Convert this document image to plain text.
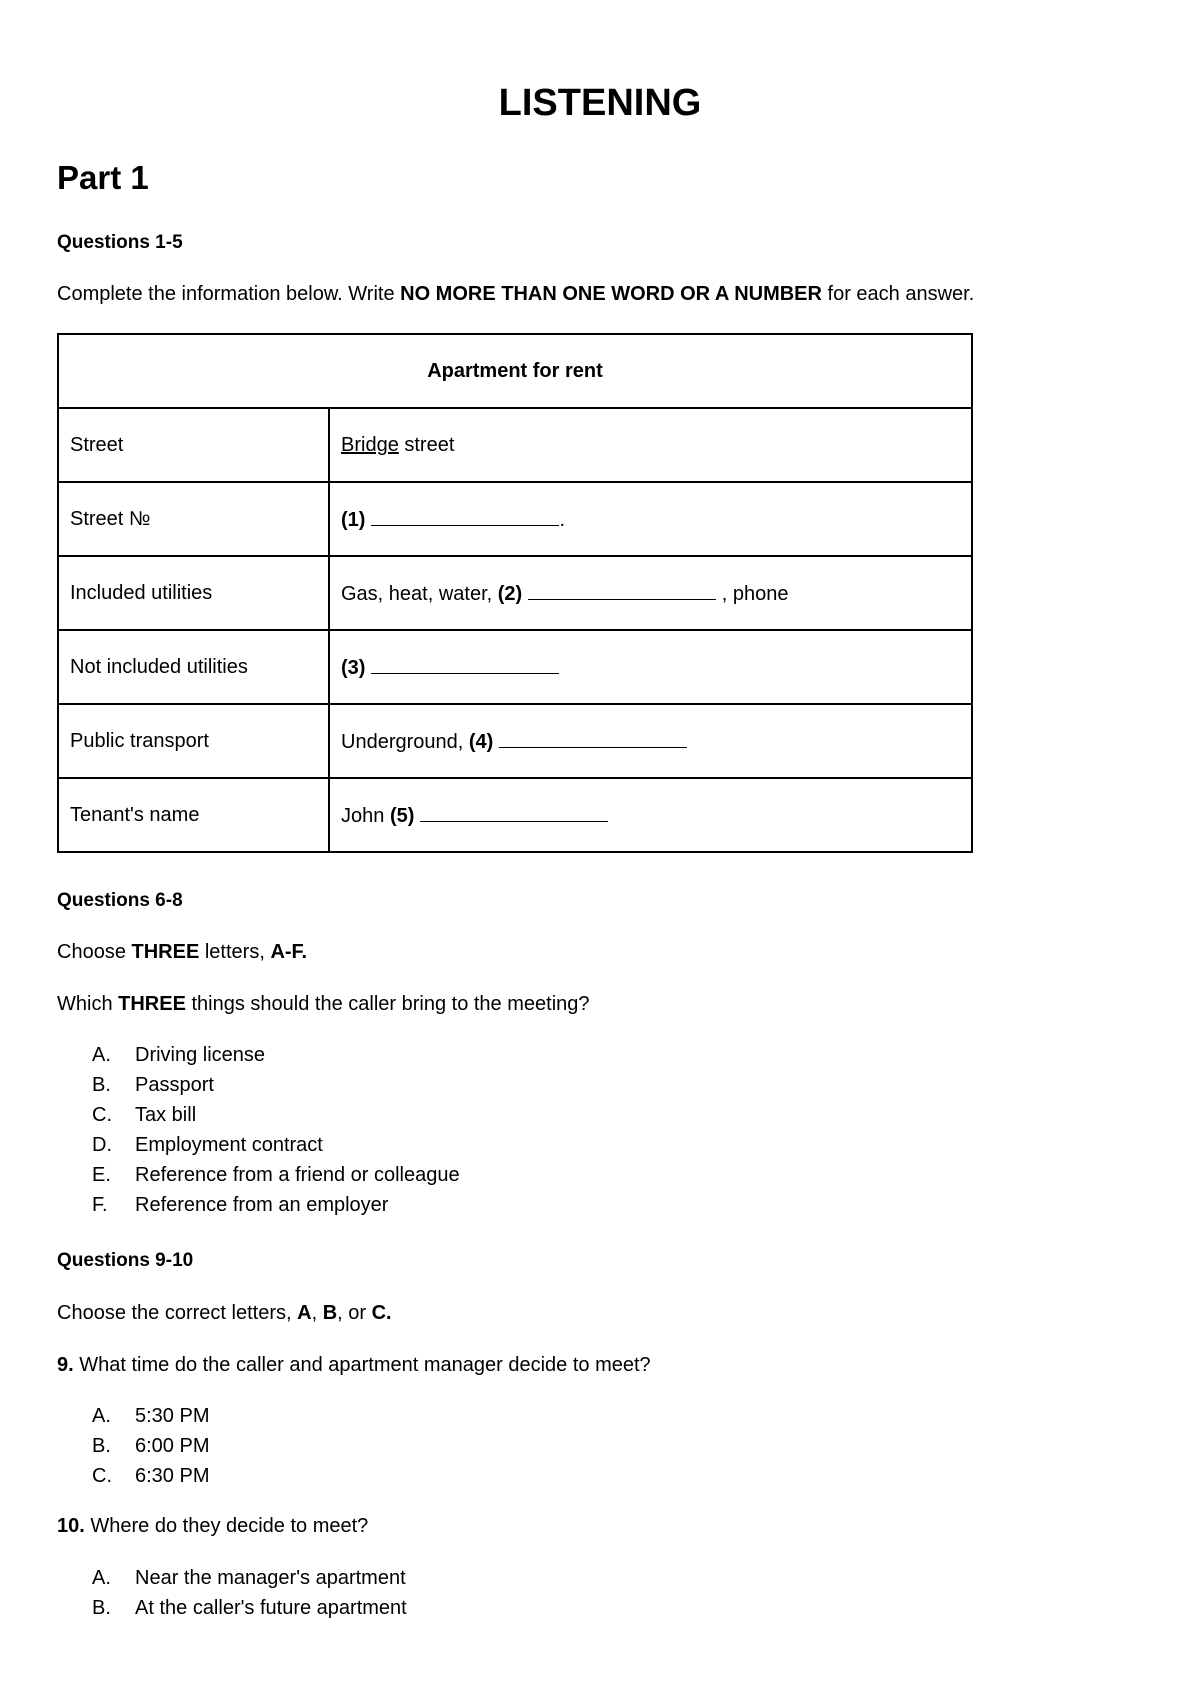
LISTENING
Part 1
Questions 1-5

Complete the information below. Write NO MORE THAN ONE WORD OR A NUMBER for each answer.

Apartment for rent	
Street	Bridge street
Street №	(1) .
Included utilities	Gas, heat, water, (2) , phone
Not included utilities	(3)
Public transport	Underground, (4)
Tenant's name	John (5)
Questions 6-8

Choose THREE letters, A-F.

Which THREE things should the caller bring to the meeting?

A. Driving license
B. Passport
C. Tax bill
D. Employment contract
E. Reference from a friend or colleague
F. Reference from an employer
Questions 9-10

Choose the correct letters, A, B, or C.

9. What time do the caller and apartment manager decide to meet?

A. 5:30 PM
B. 6:00 PM
C. 6:30 PM

10. Where do they decide to meet?

A. Near the manager's apartment
B. At the caller's future apartment
